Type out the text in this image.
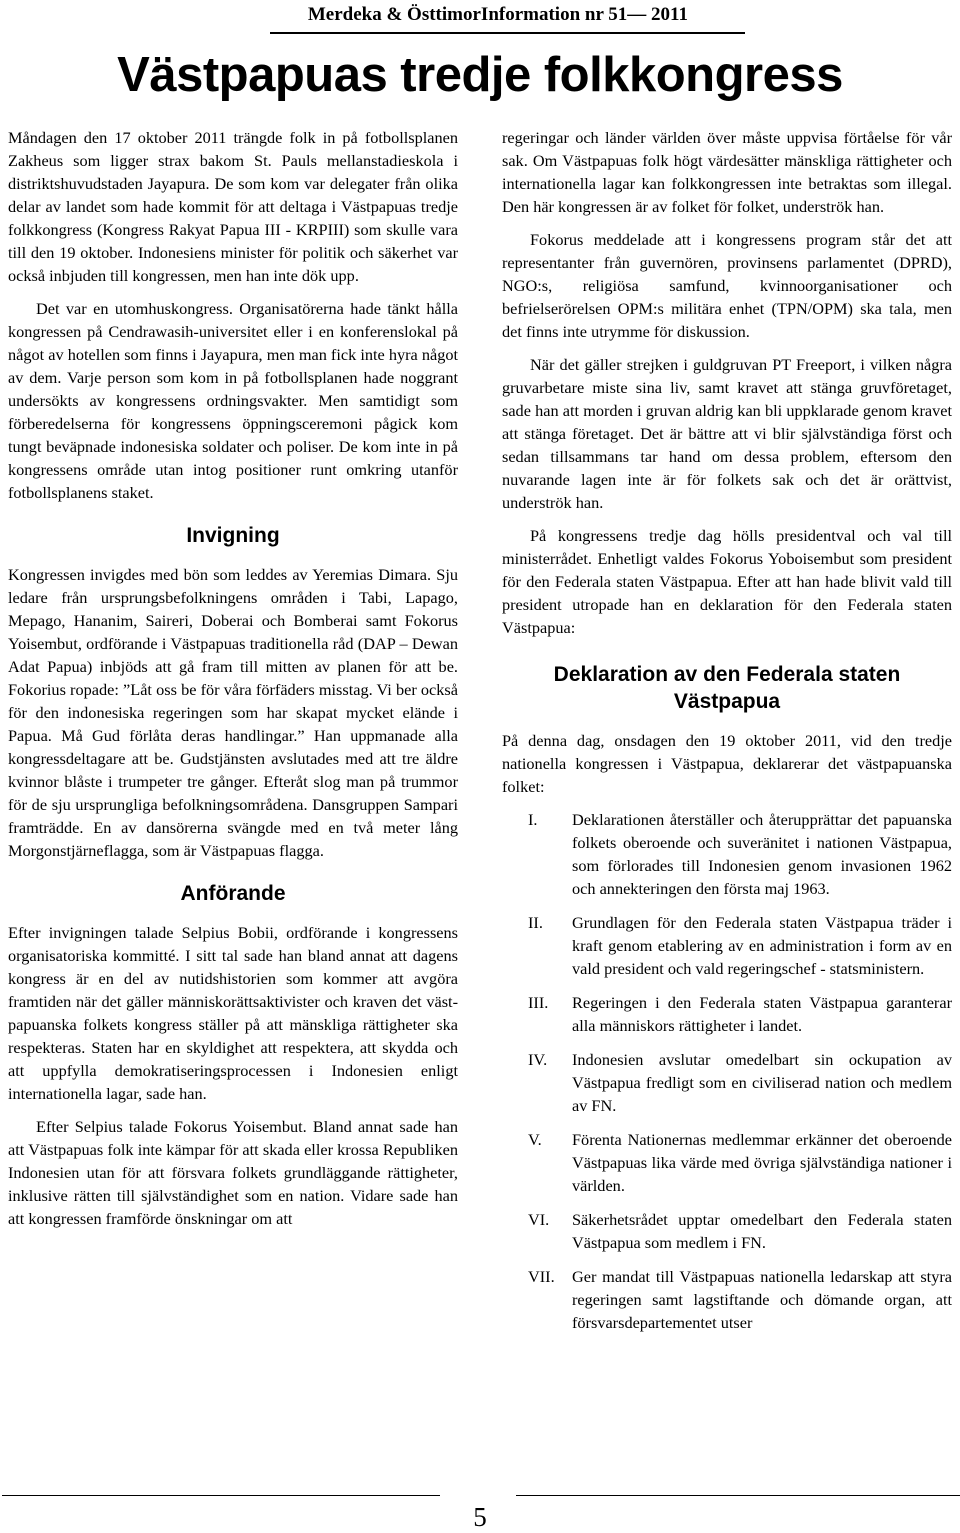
Merdeka & ÖsttimorInformation nr 51— 2011
Västpapuas tredje folkkongress

Måndagen den 17 oktober 2011 trängde folk in på fotbollsplanen Zakheus som ligger strax bakom St. Pauls mellanstadieskola i distriktshuvudstaden Jayapura. De som kom var delegater från olika delar av landet som hade kommit för att deltaga i Västpapuas tredje folkkongress (Kongress Rakyat Papua III - KRPIII) som skulle vara till den 19 oktober. Indonesiens minister för politik och säkerhet var också inbjuden till kongressen, men han inte dök upp.

Det var en utomhuskongress. Organisatörerna hade tänkt hålla kongressen på Cendrawasih-universitet eller i en konferenslokal på något av hotellen som finns i Jayapura, men man fick inte hyra något av dem. Varje person som kom in på fotbollsplanen hade noggrant undersökts av kongressens ordningsvakter. Men samtidigt som förberedelserna för kongressens öppningsceremoni pågick kom tungt beväpnade indonesiska soldater och poliser. De kom inte in på kongressens område utan intog positioner runt omkring utanför fotbollsplanens staket.

Invigning

Kongressen invigdes med bön som leddes av Yeremias Dimara. Sju ledare från ursprungsbefolkningens områden i Tabi, Lapago, Mepago, Hananim, Saireri, Doberai och Bomberai samt Fokorus Yoisembut, ordförande i Västpapuas traditionella råd (DAP – Dewan Adat Papua) inbjöds att gå fram till mitten av planen för att be. Fokorius ropade: ”Låt oss be för våra förfäders misstag. Vi ber också för den indonesiska regeringen som har skapat mycket elände i Papua. Må Gud förlåta deras handlingar.” Han uppmanade alla kongressdeltagare att be. Gudstjänsten avslutades med att tre äldre kvinnor blåste i trumpeter tre gånger. Efteråt slog man på trummor för de sju ursprungliga befolkningsområdena. Dansgruppen Sampari framträdde. En av dansörerna svängde med en två meter lång Morgonstjärneflagga, som är Västpapuas flagga.

Anförande

Efter invigningen talade Selpius Bobii, ordförande i kongressens organisatoriska kommitté. I sitt tal sade han bland annat att dagens kongress är en del av nutidshistorien som kommer att avgöra framtiden när det gäller människorättsaktivister och kraven det västpapuanska folkets kongress ställer på att mänskliga rättigheter ska respekteras. Staten har en skyldighet att respektera, att skydda och att uppfylla demokratiseringsprocessen i Indonesien enligt internationella lagar, sade han.

Efter Selpius talade Fokorus Yoisembut. Bland annat sade han att Västpapuas folk inte kämpar för att skada eller krossa Republiken Indonesien utan för att försvara folkets grundläggande rättigheter, inklusive rätten till självständighet som en nation. Vidare sade han att kongressen framförde önskningar om att

regeringar och länder världen över måste uppvisa förtåelse för vår sak. Om Västpapuas folk högt värdesätter mänskliga rättigheter och internationella lagar kan folkkongressen inte betraktas som illegal. Den här kongressen är av folket för folket, underströk han.

Fokorus meddelade att i kongressens program står det att representanter från guvernören, provinsens parlamentet (DPRD), NGO:s, religiösa samfund, kvinnoorganisationer och befrielserörelsen OPM:s militära enhet (TPN/OPM) ska tala, men det finns inte utrymme för diskussion.

När det gäller strejken i guldgruvan PT Freeport, i vilken några gruvarbetare miste sina liv, samt kravet att stänga gruvföretaget, sade han att morden i gruvan aldrig kan bli uppklarade genom kravet att stänga företaget. Det är bättre att vi blir självständiga först och sedan tillsammans tar hand om dessa problem, eftersom den nuvarande lagen inte är för folkets sak och det är orättvist, underströk han.

På kongressens tredje dag hölls presidentval och val till ministerrådet. Enhetligt valdes Fokorus Yoboisembut som president för den Federala staten Västpapua. Efter att han hade blivit vald till president utropade han en deklaration för den Federala staten Västpapua:

Deklaration av den Federala staten Västpapua

På denna dag, onsdagen den 19 oktober 2011, vid den tredje nationella kongressen i Västpapua, deklarerar det västpapuanska folket:

I.	Deklarationen återställer och återupprättar det papuanska folkets oberoende och suveränitet i nationen Västpapua, som förlorades till Indonesien genom invasionen 1962 och annekteringen den första maj 1963.
II.	Grundlagen för den Federala staten Västpapua träder i kraft genom etablering av en administration i form av en vald president och vald regeringschef - statsministern.
III.	Regeringen i den Federala staten Västpapua garanterar alla människors rättigheter i landet.
IV.	Indonesien avslutar omedelbart sin ockupation av Västpapua fredligt som en civiliserad nation och medlem av FN.
V.	Förenta Nationernas medlemmar erkänner det oberoende Västpapuas lika värde med övriga självständiga nationer i världen.
VI.	Säkerhetsrådet upptar omedelbart den Federala staten Västpapua som medlem i FN.
VII.	Ger mandat till Västpapuas nationella ledarskap att styra regeringen samt lagstiftande och dömande organ, att försvarsdepartementet utser
5
